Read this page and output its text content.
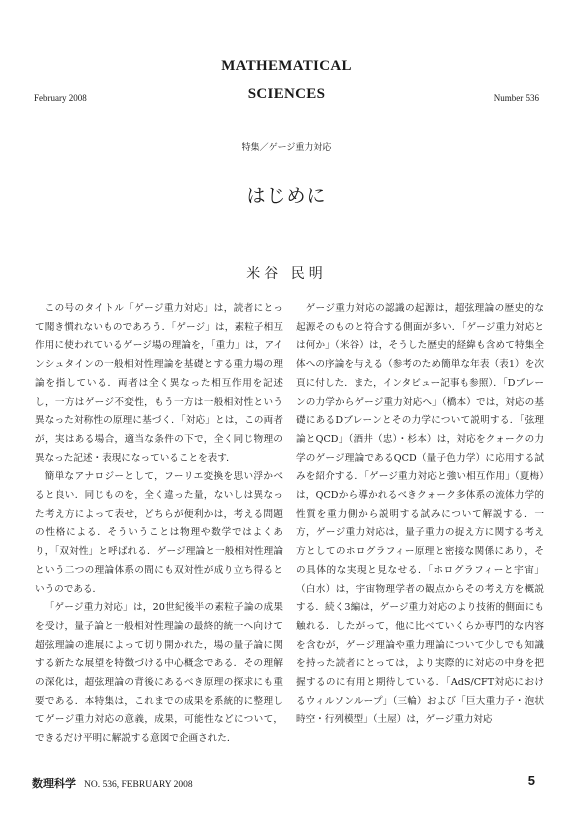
MATHEMATICAL
SCIENCES
February 2008	Number 536
特集／ゲージ重力対応
はじめに
米谷 民明

この号のタイトル「ゲージ重力対応」は，読者にとって聞き慣れないものであろう．「ゲージ」は，素粒子相互作用に使われているゲージ場の理論を，「重力」は，アインシュタインの一般相対性理論を基礎とする重力場の理論を指している．両者は全く異なった相互作用を記述し，一方はゲージ不変性，もう一方は一般相対性という異なった対称性の原理に基づく．「対応」とは，この両者が，実はある場合，適当な条件の下で，全く同じ物理の異なった記述・表現になっていることを表す．

簡単なアナロジーとして，フーリエ変換を思い浮かべると良い．同じものを，全く違った量，ないしは異なった考え方によって表せ，どちらが便利かは，考える問題の性格による．そういうことは物理や数学ではよくあり，「双対性」と呼ばれる．ゲージ理論と一般相対性理論という二つの理論体系の間にも双対性が成り立ち得るというのである．

「ゲージ重力対応」は，20世紀後半の素粒子論の成果を受け，量子論と一般相対性理論の最終的統一へ向けて超弦理論の進展によって切り開かれた，場の量子論に関する新たな展望を特徴づける中心概念である．その理解の深化は，超弦理論の背後にあるべき原理の探求にも重要である．本特集は，これまでの成果を系統的に整理してゲージ重力対応の意義，成果，可能性などについて，できるだけ平明に解説する意図で企画された．

ゲージ重力対応の認識の起源は，超弦理論の歴史的な起源そのものと符合する側面が多い．「ゲージ重力対応とは何か」（米谷）は，そうした歴史的経緯も含めて特集全体への序論を与える（参考のため簡単な年表（表1）を次頁に付した．また，インタビュー記事も参照）．「Dブレーンの力学からゲージ重力対応へ」（橋本）では，対応の基礎にあるDブレーンとその力学について説明する．「弦理論とQCD」（酒井（忠）・杉本）は，対応をクォークの力学のゲージ理論であるQCD（量子色力学）に応用する試みを紹介する．「ゲージ重力対応と強い相互作用」（夏梅）は，QCDから導かれるべきクォーク多体系の流体力学的性質を重力側から説明する試みについて解説する．一方，ゲージ重力対応は，量子重力の捉え方に関する考え方としてのホログラフィー原理と密接な関係にあり，その具体的な実現と見なせる．「ホログラフィーと宇宙」（白水）は，宇宙物理学者の観点からその考え方を概説する．続く3編は，ゲージ重力対応のより技術的側面にも触れる．したがって，他に比べていくらか専門的な内容を含むが，ゲージ理論や重力理論について少しでも知識を持った読者にとっては，より実際的に対応の中身を把握するのに有用と期待している．「AdS/CFT対応におけるウィルソンループ」（三輪）および「巨大重力子・泡状時空・行列模型」（土屋）は，ゲージ重力対応

数理科学 NO. 536, FEBRUARY 2008	5
